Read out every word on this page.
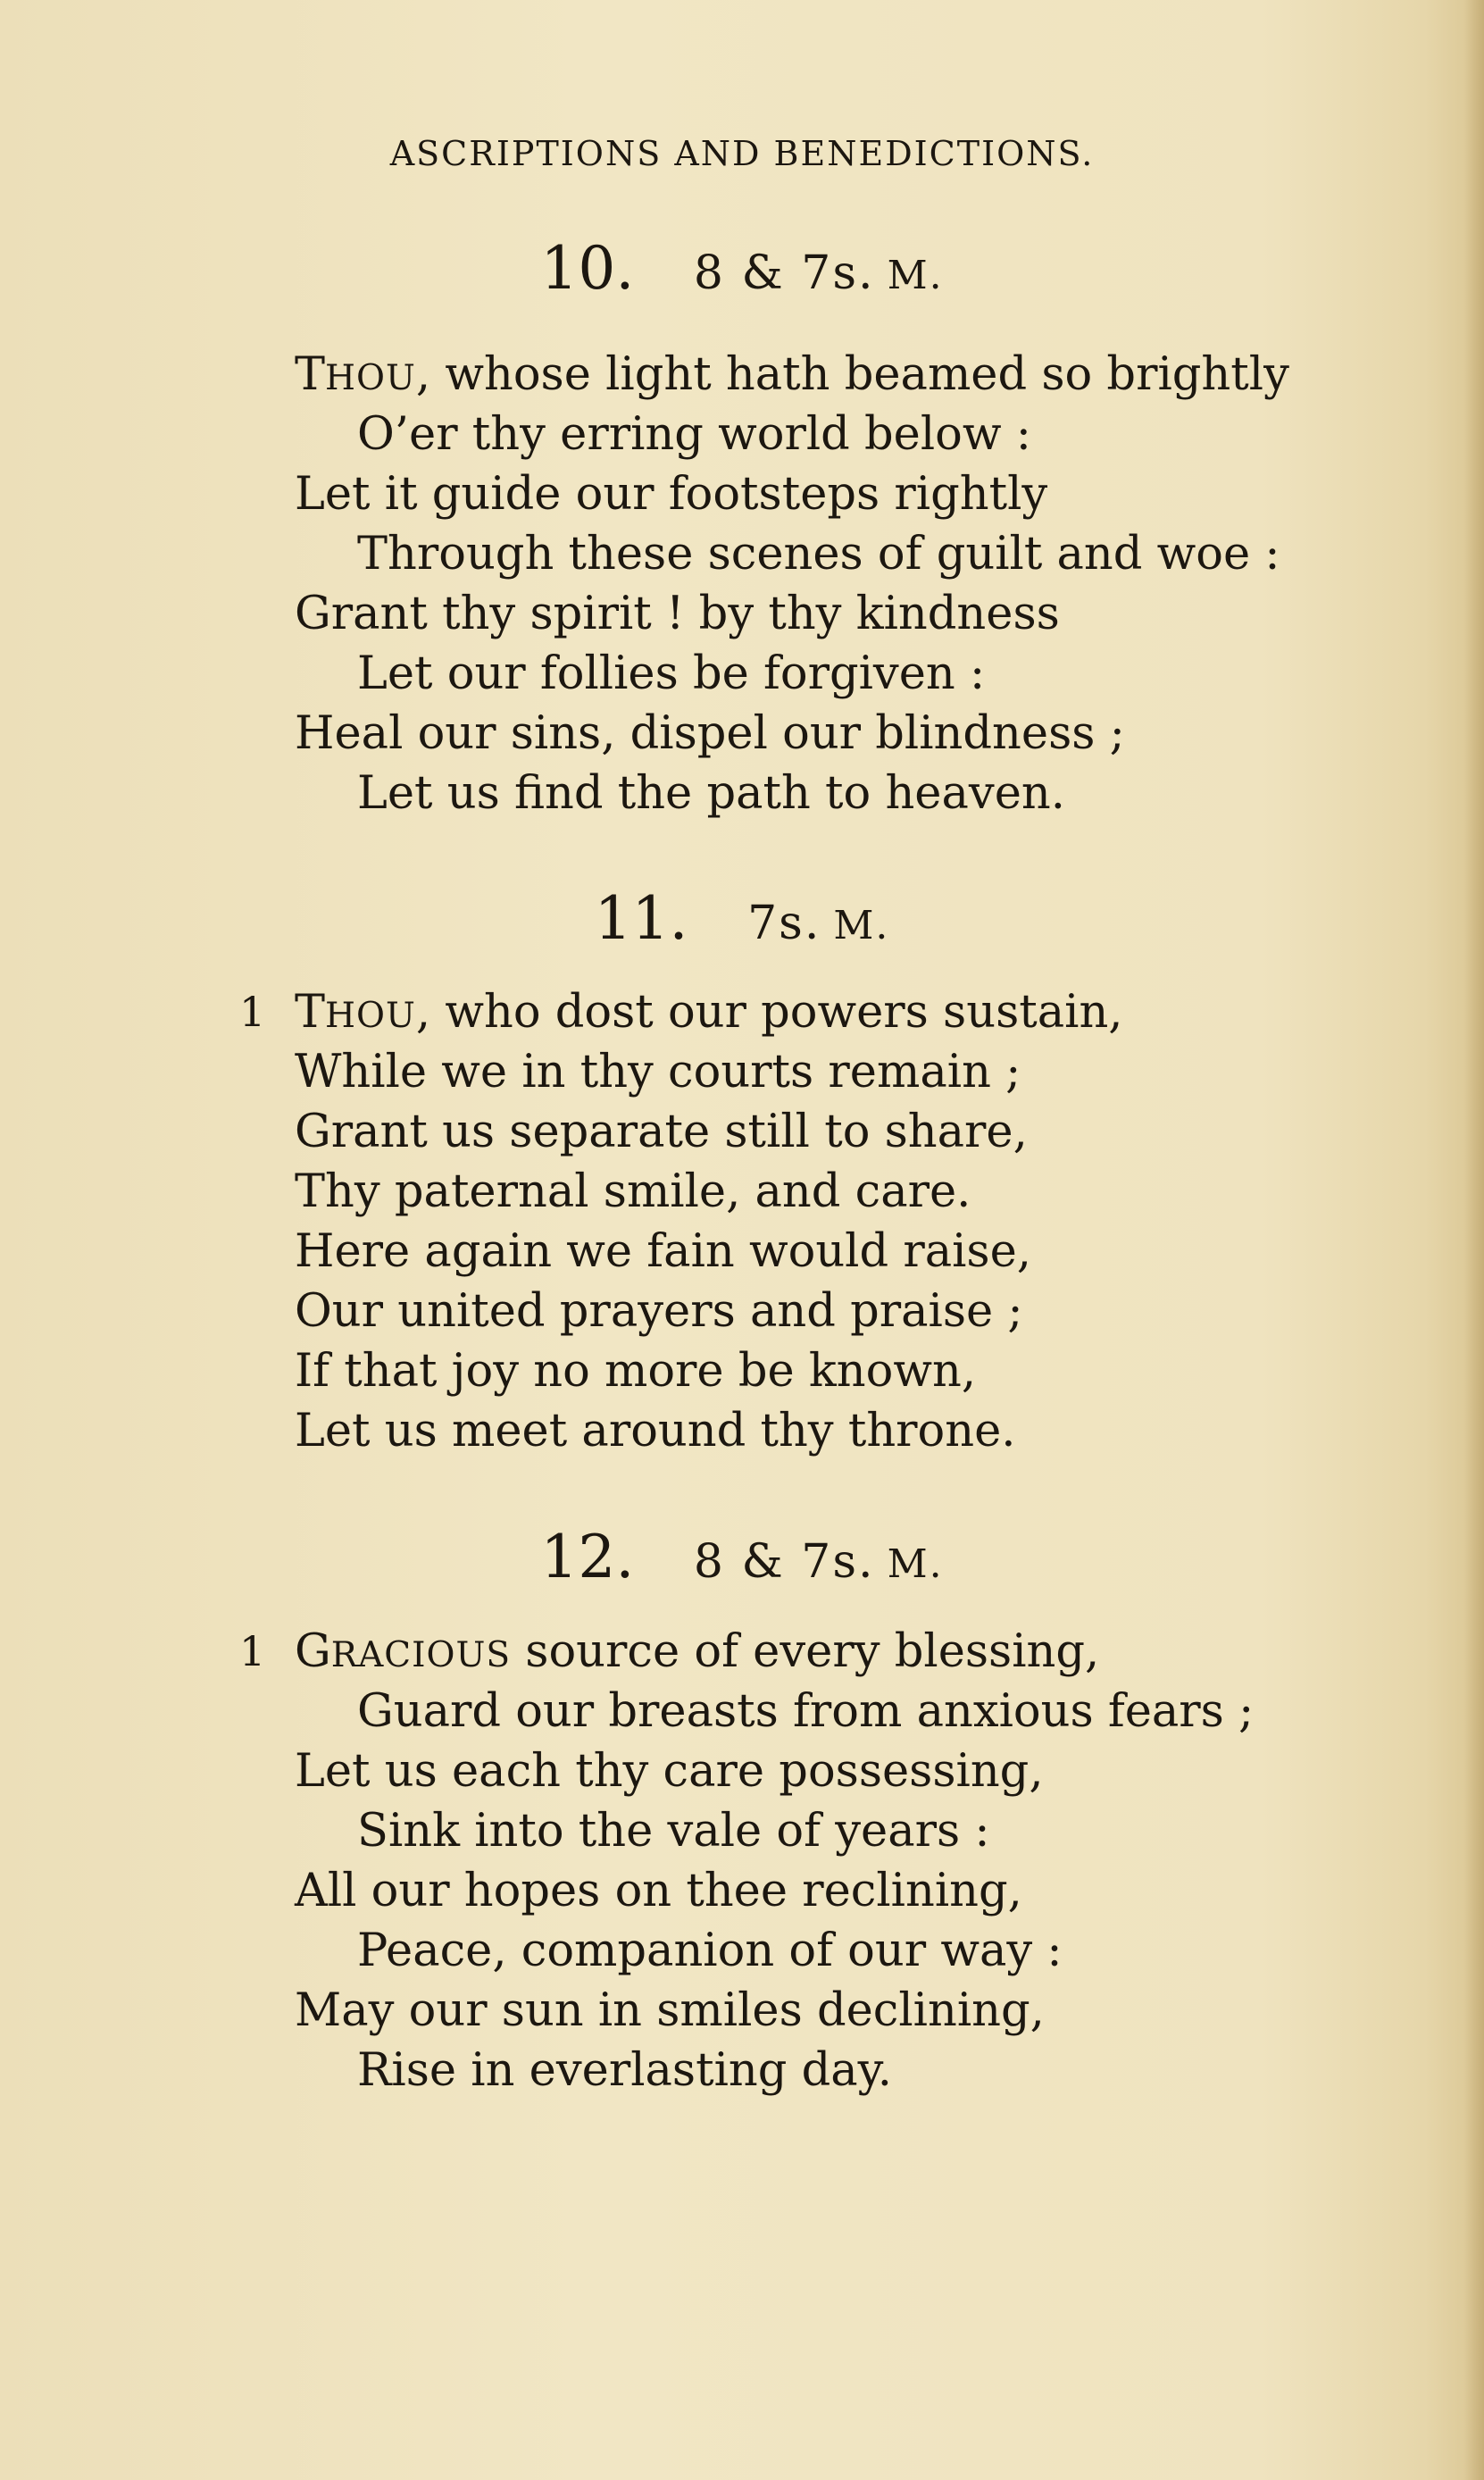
ASCRIPTIONS AND BENEDICTIONS.
10. 8 & 7s. M.
THOU, whose light hath beamed so brightly
O’er thy erring world below :
Let it guide our footsteps rightly
Through these scenes of guilt and woe :
Grant thy spirit ! by thy kindness
Let our follies be forgiven :
Heal our sins, dispel our blindness ;
Let us find the path to heaven.
11. 7s. M.
1 THOU, who dost our powers sustain,
While we in thy courts remain ;
Grant us separate still to share,
Thy paternal smile, and care.
Here again we fain would raise,
Our united prayers and praise ;
If that joy no more be known,
Let us meet around thy throne.
12. 8 & 7s. M.
1 GRACIOUS source of every blessing,
Guard our breasts from anxious fears ;
Let us each thy care possessing,
Sink into the vale of years :
All our hopes on thee reclining,
Peace, companion of our way :
May our sun in smiles declining,
Rise in everlasting day.
